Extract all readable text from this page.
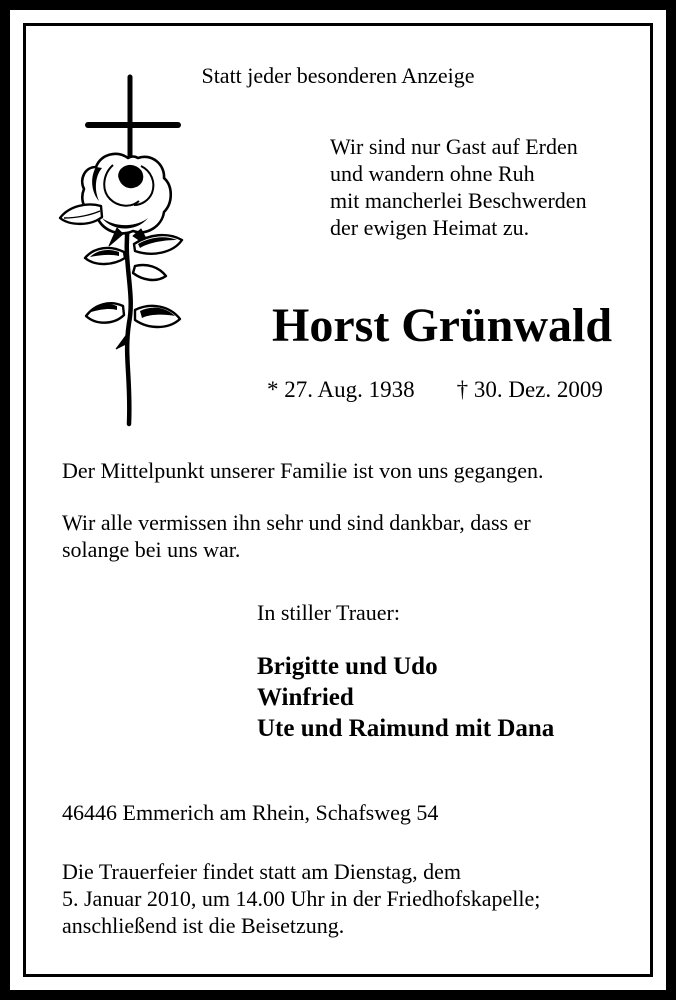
Statt jeder besonderen Anzeige
Wir sind nur Gast auf Erden
und wandern ohne Ruh
mit mancherlei Beschwerden
der ewigen Heimat zu.
Horst Grünwald
* 27. Aug. 1938 † 30. Dez. 2009
Der Mittelpunkt unserer Familie ist von uns gegangen.
Wir alle vermissen ihn sehr und sind dankbar, dass er
solange bei uns war.
In stiller Trauer:
Brigitte und Udo
Winfried
Ute und Raimund mit Dana
46446 Emmerich am Rhein, Schafsweg 54
Die Trauerfeier findet statt am Dienstag, dem
5. Januar 2010, um 14.00 Uhr in der Friedhofskapelle;
anschließend ist die Beisetzung.
